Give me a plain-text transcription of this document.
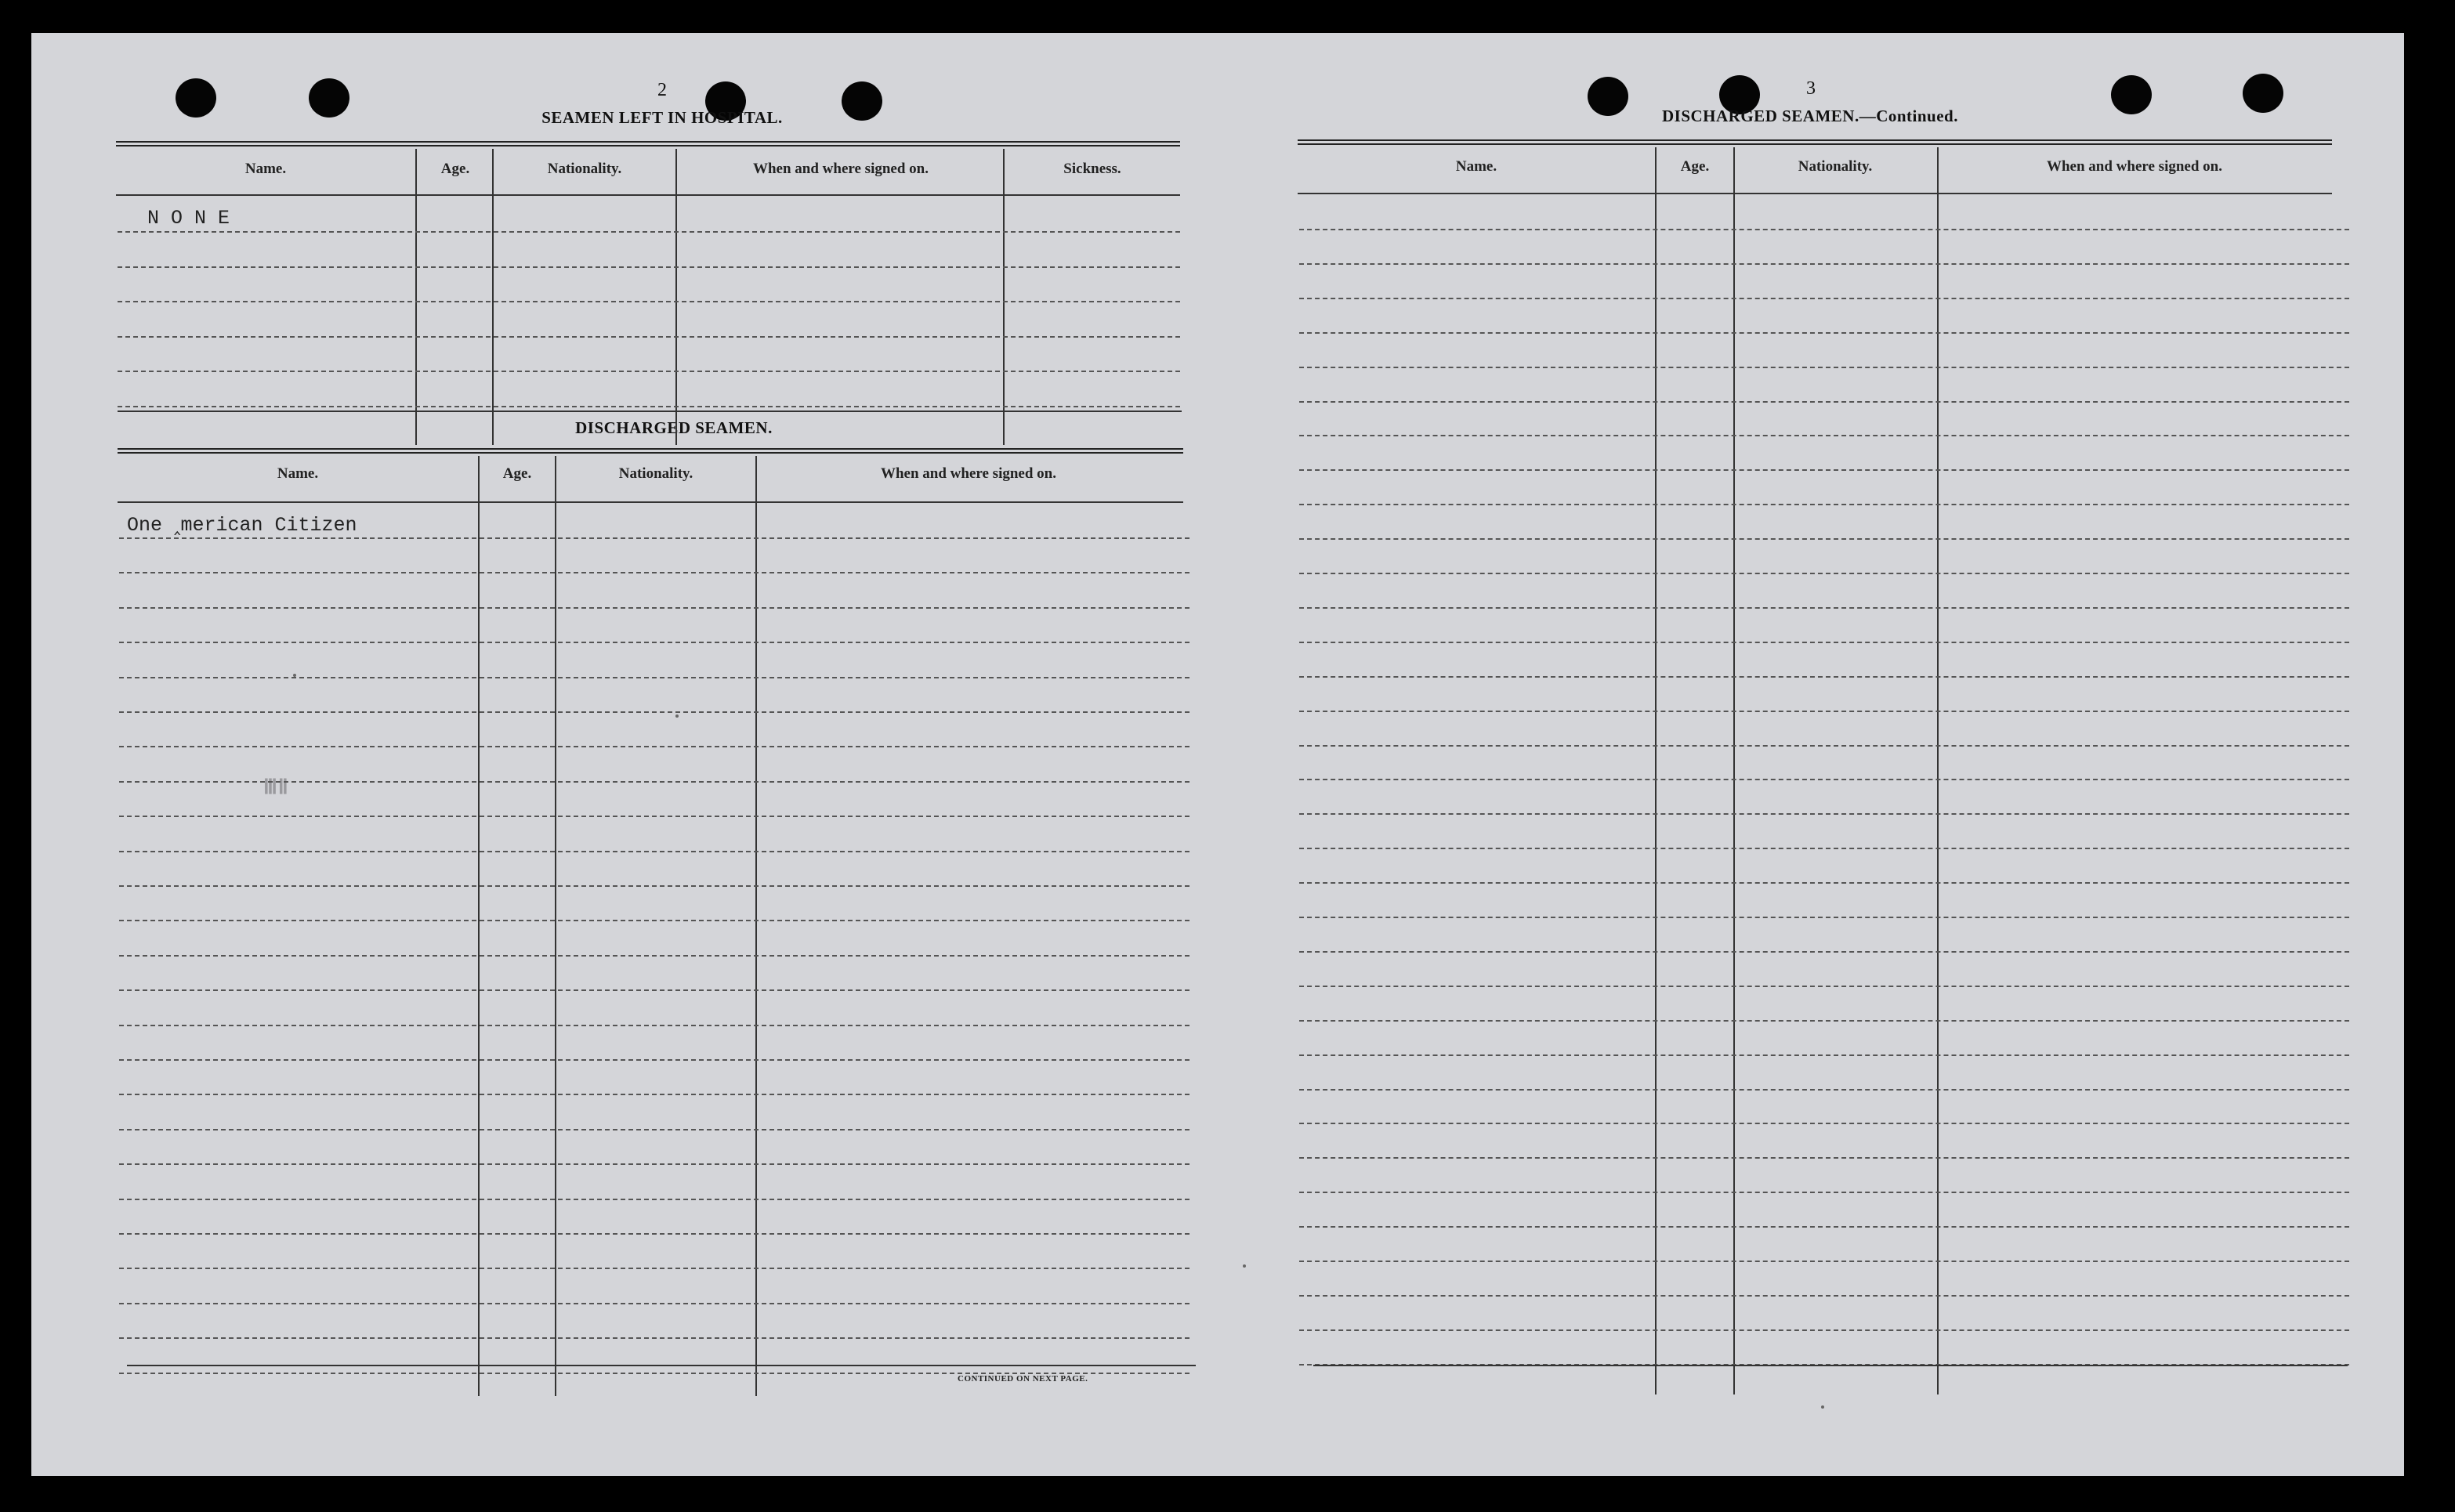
2
SEAMEN LEFT IN HOSPITAL.
Name.	Age.	Nationality.	When and where signed on.	Sickness.
N O N E
DISCHARGED SEAMEN.
Name.	Age.	Nationality.	When and where signed on.
One ‸merican Citizen
ⅢⅡ
CONTINUED ON NEXT PAGE.
3
DISCHARGED SEAMEN.—Continued.
Name.	Age.	Nationality.	When and where signed on.
